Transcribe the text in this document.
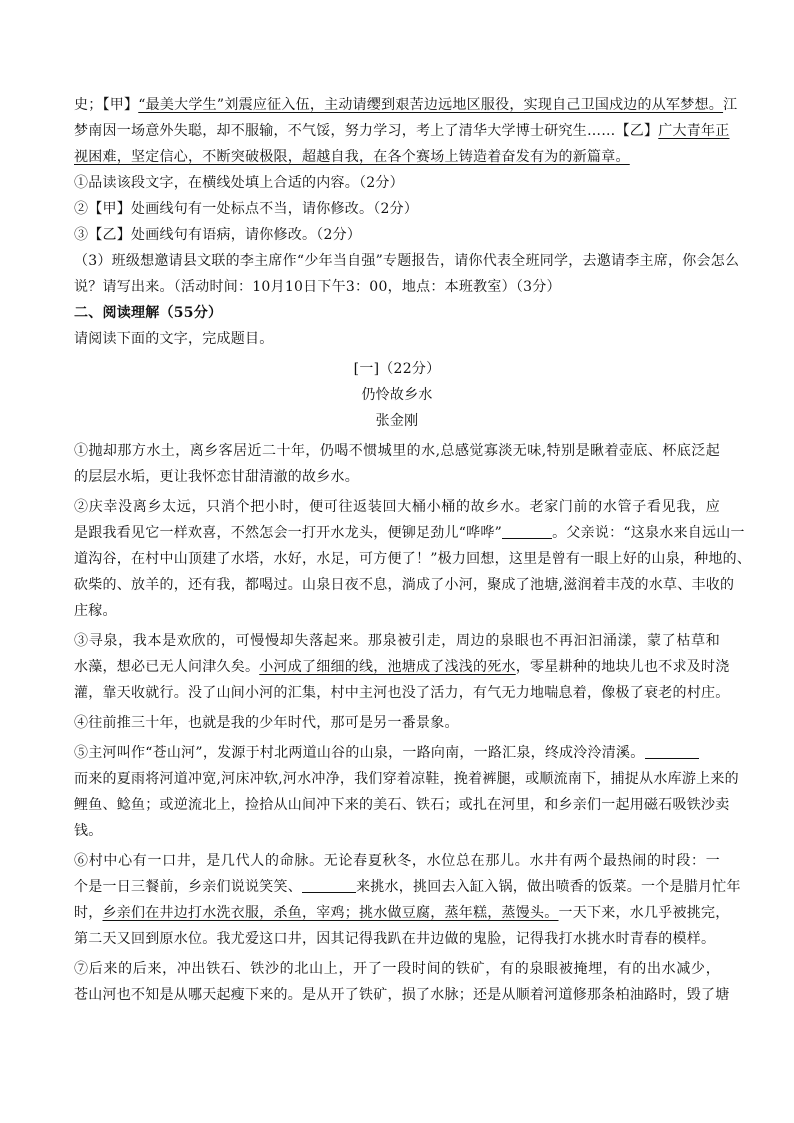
史；【甲】“最美大学生”刘震应征入伍，主动请缨到艰苦边远地区服役，实现自己卫国戍边的从军梦想。江
梦南因一场意外失聪，却不服输，不气馁，努力学习，考上了清华大学博士研究生……【乙】广大青年正
视困难，坚定信心，不断突破极限，超越自我，在各个赛场上铸造着奋发有为的新篇章。
①品读该段文字，在横线处填上合适的内容。（2分）
②【甲】处画线句有一处标点不当，请你修改。（2分）
③【乙】处画线句有语病，请你修改。（2分）
（3）班级想邀请县文联的李主席作“少年当自强”专题报告，请你代表全班同学，去邀请李主席，你会怎么
说？请写出来。（活动时间：10月10日下午3：00，地点：本班教室）（3分）
二、阅读理解（55分）
请阅读下面的文字，完成题目。
[一]（22分）
仍怜故乡水
张金刚
①抛却那方水土，离乡客居近二十年，仍喝不惯城里的水,总感觉寡淡无味,特别是瞅着壶底、杯底泛起
的层层水垢，更让我怀恋甘甜清澈的故乡水。
②庆幸没离乡太远，只消个把小时，便可往返装回大桶小桶的故乡水。老家门前的水管子看见我，应
是跟我看见它一样欢喜，不然怎会一打开水龙头，便铆足劲儿“哗哗”	。父亲说：“这泉水来自远山一
道沟谷，在村中山顶建了水塔，水好，水足，可方便了！”极力回想，这里是曾有一眼上好的山泉，种地的、
砍柴的、放羊的，还有我，都喝过。山泉日夜不息，淌成了小河，聚成了池塘,滋润着丰茂的水草、丰收的
庄稼。
③寻泉，我本是欢欣的，可慢慢却失落起来。那泉被引走，周边的泉眼也不再汩汩涌漾，蒙了枯草和
水藻，想必已无人问津久矣。小河成了细细的线，池塘成了浅浅的死水，零星耕种的地块儿也不求及时浇
灌，靠天收就行。没了山间小河的汇集，村中主河也没了活力，有气无力地喘息着，像极了衰老的村庄。
④往前推三十年，也就是我的少年时代，那可是另一番景象。
⑤主河叫作“苍山河”，发源于村北两道山谷的山泉，一路向南，一路汇泉，终成泠泠清溪。
而来的夏雨将河道冲宽,河床冲软,河水冲净，我们穿着凉鞋，挽着裤腿，或顺流南下，捕捉从水库游上来的
鲤鱼、鲶鱼；或逆流北上，捡拾从山间冲下来的美石、铁石；或扎在河里，和乡亲们一起用磁石吸铁沙卖
钱。
⑥村中心有一口井，是几代人的命脉。无论春夏秋冬，水位总在那儿。水井有两个最热闹的时段：一
个是一日三餐前，乡亲们说说笑笑、	来挑水，挑回去入缸入锅，做出喷香的饭菜。一个是腊月忙年
时，乡亲们在井边打水洗衣服，杀鱼，宰鸡；挑水做豆腐，蒸年糕，蒸馒头。一天下来，水几乎被挑完，
第二天又回到原水位。我尤爱这口井，因其记得我趴在井边做的鬼脸，记得我打水挑水时青春的模样。
⑦后来的后来，冲出铁石、铁沙的北山上，开了一段时间的铁矿，有的泉眼被掩埋，有的出水减少，
苍山河也不知是从哪天起瘦下来的。是从开了铁矿，损了水脉；还是从顺着河道修那条柏油路时，毁了塘
